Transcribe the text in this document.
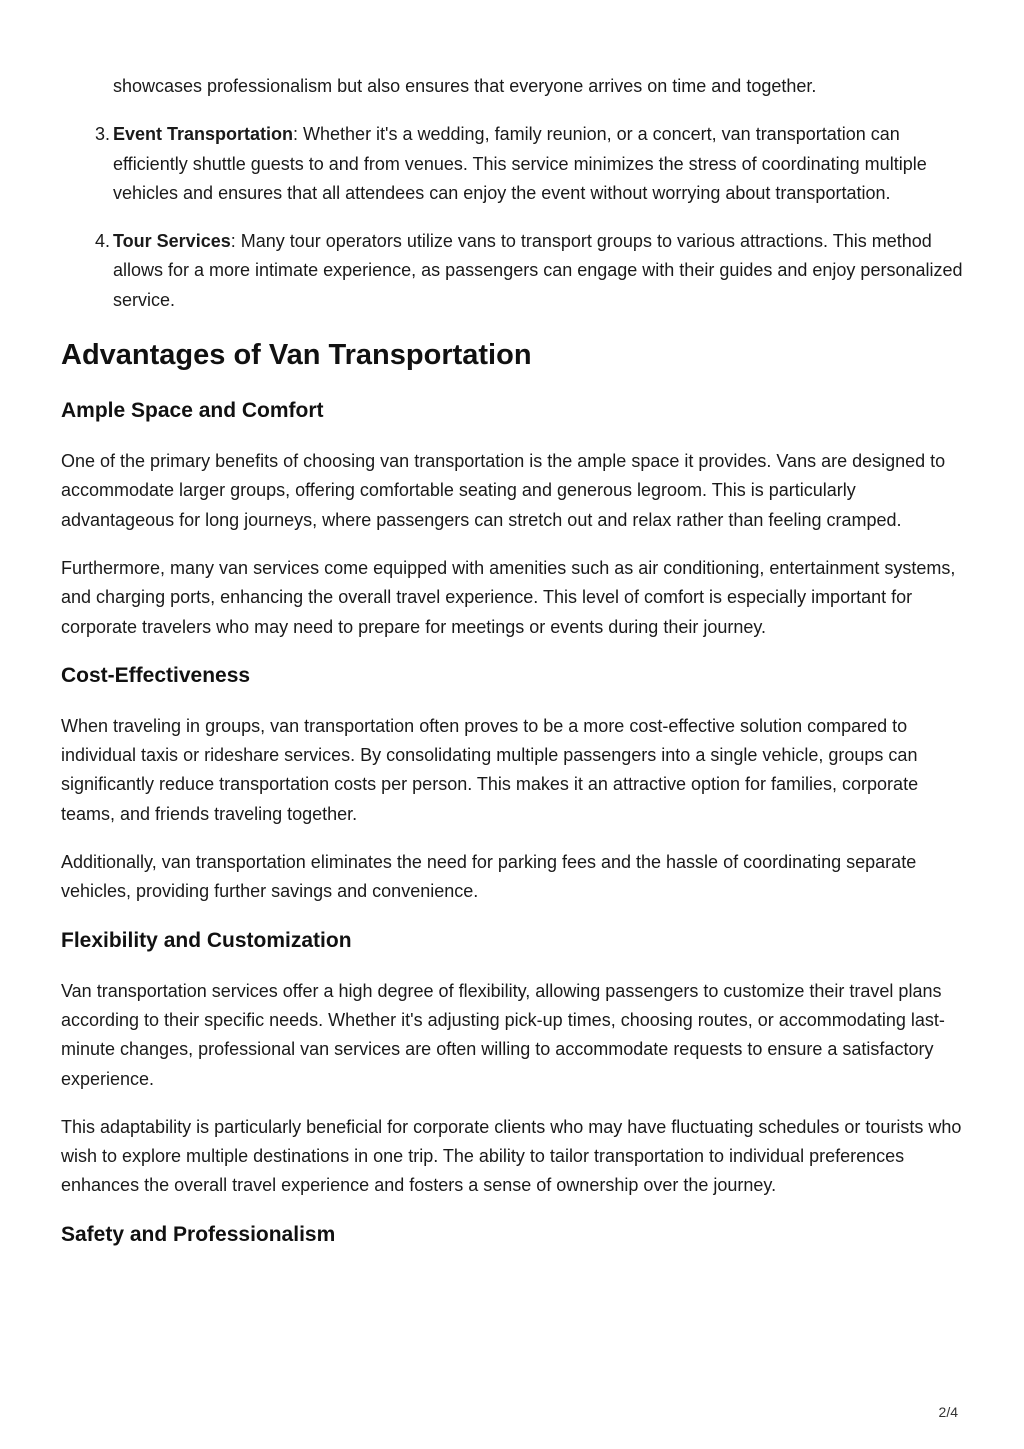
showcases professionalism but also ensures that everyone arrives on time and together.

3. Event Transportation: Whether it's a wedding, family reunion, or a concert, van transportation can efficiently shuttle guests to and from venues. This service minimizes the stress of coordinating multiple vehicles and ensures that all attendees can enjoy the event without worrying about transportation.

4. Tour Services: Many tour operators utilize vans to transport groups to various attractions. This method allows for a more intimate experience, as passengers can engage with their guides and enjoy personalized service.

Advantages of Van Transportation
Ample Space and Comfort

One of the primary benefits of choosing van transportation is the ample space it provides. Vans are designed to accommodate larger groups, offering comfortable seating and generous legroom. This is particularly advantageous for long journeys, where passengers can stretch out and relax rather than feeling cramped.

Furthermore, many van services come equipped with amenities such as air conditioning, entertainment systems, and charging ports, enhancing the overall travel experience. This level of comfort is especially important for corporate travelers who may need to prepare for meetings or events during their journey.

Cost-Effectiveness

When traveling in groups, van transportation often proves to be a more cost-effective solution compared to individual taxis or rideshare services. By consolidating multiple passengers into a single vehicle, groups can significantly reduce transportation costs per person. This makes it an attractive option for families, corporate teams, and friends traveling together.

Additionally, van transportation eliminates the need for parking fees and the hassle of coordinating separate vehicles, providing further savings and convenience.

Flexibility and Customization

Van transportation services offer a high degree of flexibility, allowing passengers to customize their travel plans according to their specific needs. Whether it's adjusting pick-up times, choosing routes, or accommodating last-minute changes, professional van services are often willing to accommodate requests to ensure a satisfactory experience.

This adaptability is particularly beneficial for corporate clients who may have fluctuating schedules or tourists who wish to explore multiple destinations in one trip. The ability to tailor transportation to individual preferences enhances the overall travel experience and fosters a sense of ownership over the journey.

Safety and Professionalism
2/4
